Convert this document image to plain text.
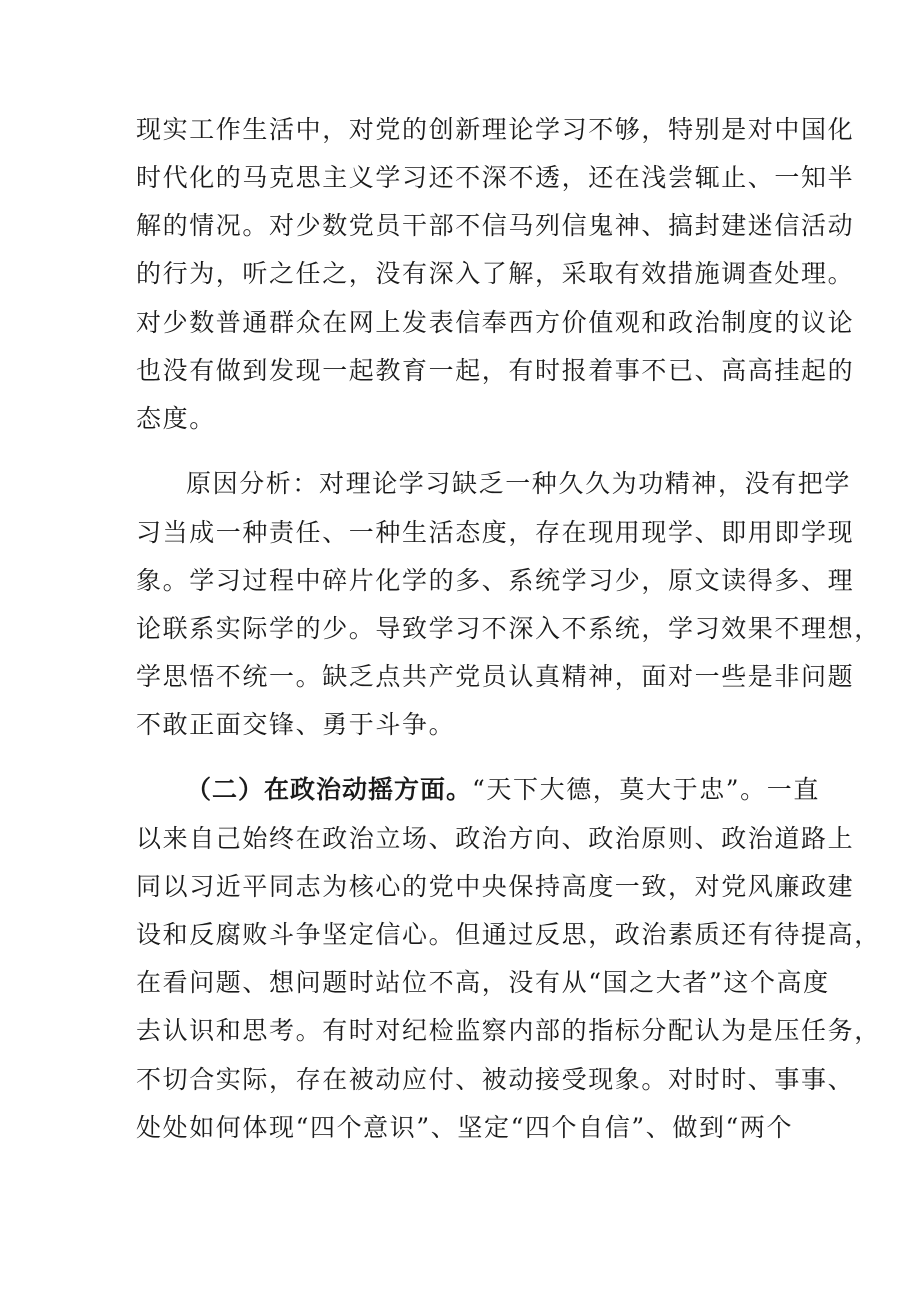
现实工作生活中，对党的创新理论学习不够，特别是对中国化
时代化的马克思主义学习还不深不透，还在浅尝辄止、一知半
解的情况。对少数党员干部不信马列信鬼神、搞封建迷信活动
的行为，听之任之，没有深入了解，采取有效措施调查处理。
对少数普通群众在网上发表信奉西方价值观和政治制度的议论
也没有做到发现一起教育一起，有时报着事不已、高高挂起的
态度。
原因分析：对理论学习缺乏一种久久为功精神，没有把学
习当成一种责任、一种生活态度，存在现用现学、即用即学现
象。学习过程中碎片化学的多、系统学习少，原文读得多、理
论联系实际学的少。导致学习不深入不系统，学习效果不理想，
学思悟不统一。缺乏点共产党员认真精神，面对一些是非问题
不敢正面交锋、勇于斗争。
（二）在政治动摇方面。“天下大德，莫大于忠”。一直
以来自己始终在政治立场、政治方向、政治原则、政治道路上
同以习近平同志为核心的党中央保持高度一致，对党风廉政建
设和反腐败斗争坚定信心。但通过反思，政治素质还有待提高，
在看问题、想问题时站位不高，没有从“国之大者”这个高度
去认识和思考。有时对纪检监察内部的指标分配认为是压任务，
不切合实际，存在被动应付、被动接受现象。对时时、事事、
处处如何体现“四个意识”、坚定“四个自信”、做到“两个
